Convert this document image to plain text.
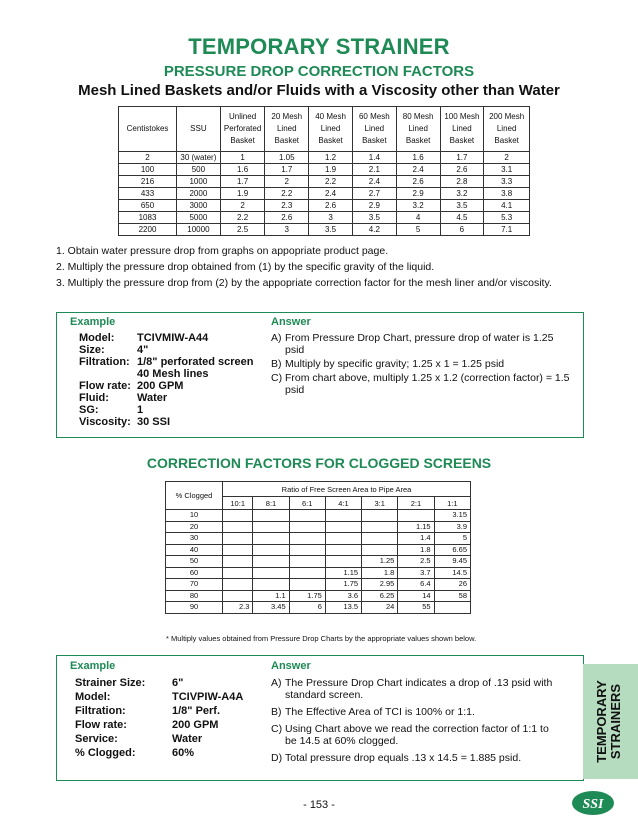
TEMPORARY STRAINER
PRESSURE DROP CORRECTION FACTORS
Mesh Lined Baskets and/or Fluids with a Viscosity other than Water
Centistokes	SSU	Unlined Perforated Basket	20 Mesh Lined Basket	40 Mesh Lined Basket	60 Mesh Lined Basket	80 Mesh Lined Basket	100 Mesh Lined Basket	200 Mesh Lined Basket
2	30 (water)	1	1.05	1.2	1.4	1.6	1.7	2
100	500	1.6	1.7	1.9	2.1	2.4	2.6	3.1
216	1000	1.7	2	2.2	2.4	2.6	2.8	3.3
433	2000	1.9	2.2	2.4	2.7	2.9	3.2	3.8
650	3000	2	2.3	2.6	2.9	3.2	3.5	4.1
1083	5000	2.2	2.6	3	3.5	4	4.5	5.3
2200	10000	2.5	3	3.5	4.2	5	6	7.1
1. Obtain water pressure drop from graphs on appopriate product page.
2. Multiply the pressure drop obtained from (1) by the specific gravity of the liquid.
3. Multiply the pressure drop from (2) by the appopriate correction factor for the mesh liner and/or viscosity.
Example
Model:	TCIVMIW-A44
Size:	4"
Filtration:	1/8" perforated screen
	40 Mesh lines
Flow rate:	200 GPM
Fluid:	Water
SG:	1
Viscosity:	30 SSI
Answer
A) From Pressure Drop Chart, pressure drop of water is 1.25 psid
B) Multiply by specific gravity; 1.25 x 1 = 1.25 psid
C) From chart above, multiply 1.25 x 1.2 (correction factor) = 1.5 psid
CORRECTION FACTORS FOR CLOGGED SCREENS
% Clogged	Ratio of Free Screen Area to Pipe Area						
	10:1	8:1	6:1	4:1	3:1	2:1	1:1
10							3.15
20						1.15	3.9
30						1.4	5
40						1.8	6.65
50					1.25	2.5	9.45
60				1.15	1.8	3.7	14.5
70				1.75	2.95	6.4	26
80		1.1	1.75	3.6	6.25	14	58
90	2.3	3.45	6	13.5	24	55	
* Multiply values obtained from Pressure Drop Charts by the appropriate values shown below.
Example
Strainer Size:	6"
Model:	TCIVPIW-A4A
Filtration:	1/8" Perf.
Flow rate:	200 GPM
Service:	Water
% Clogged:	60%
Answer
A) The Pressure Drop Chart indicates a drop of .13 psid with standard screen.
B) The Effective Area of TCI is 100% or 1:1.
C) Using Chart above we read the correction factor of 1:1 to be 14.5 at 60% clogged.
D) Total pressure drop equals .13 x 14.5 = 1.885 psid.	TEMPORARY STRAINERS
- 153 -	SSI
